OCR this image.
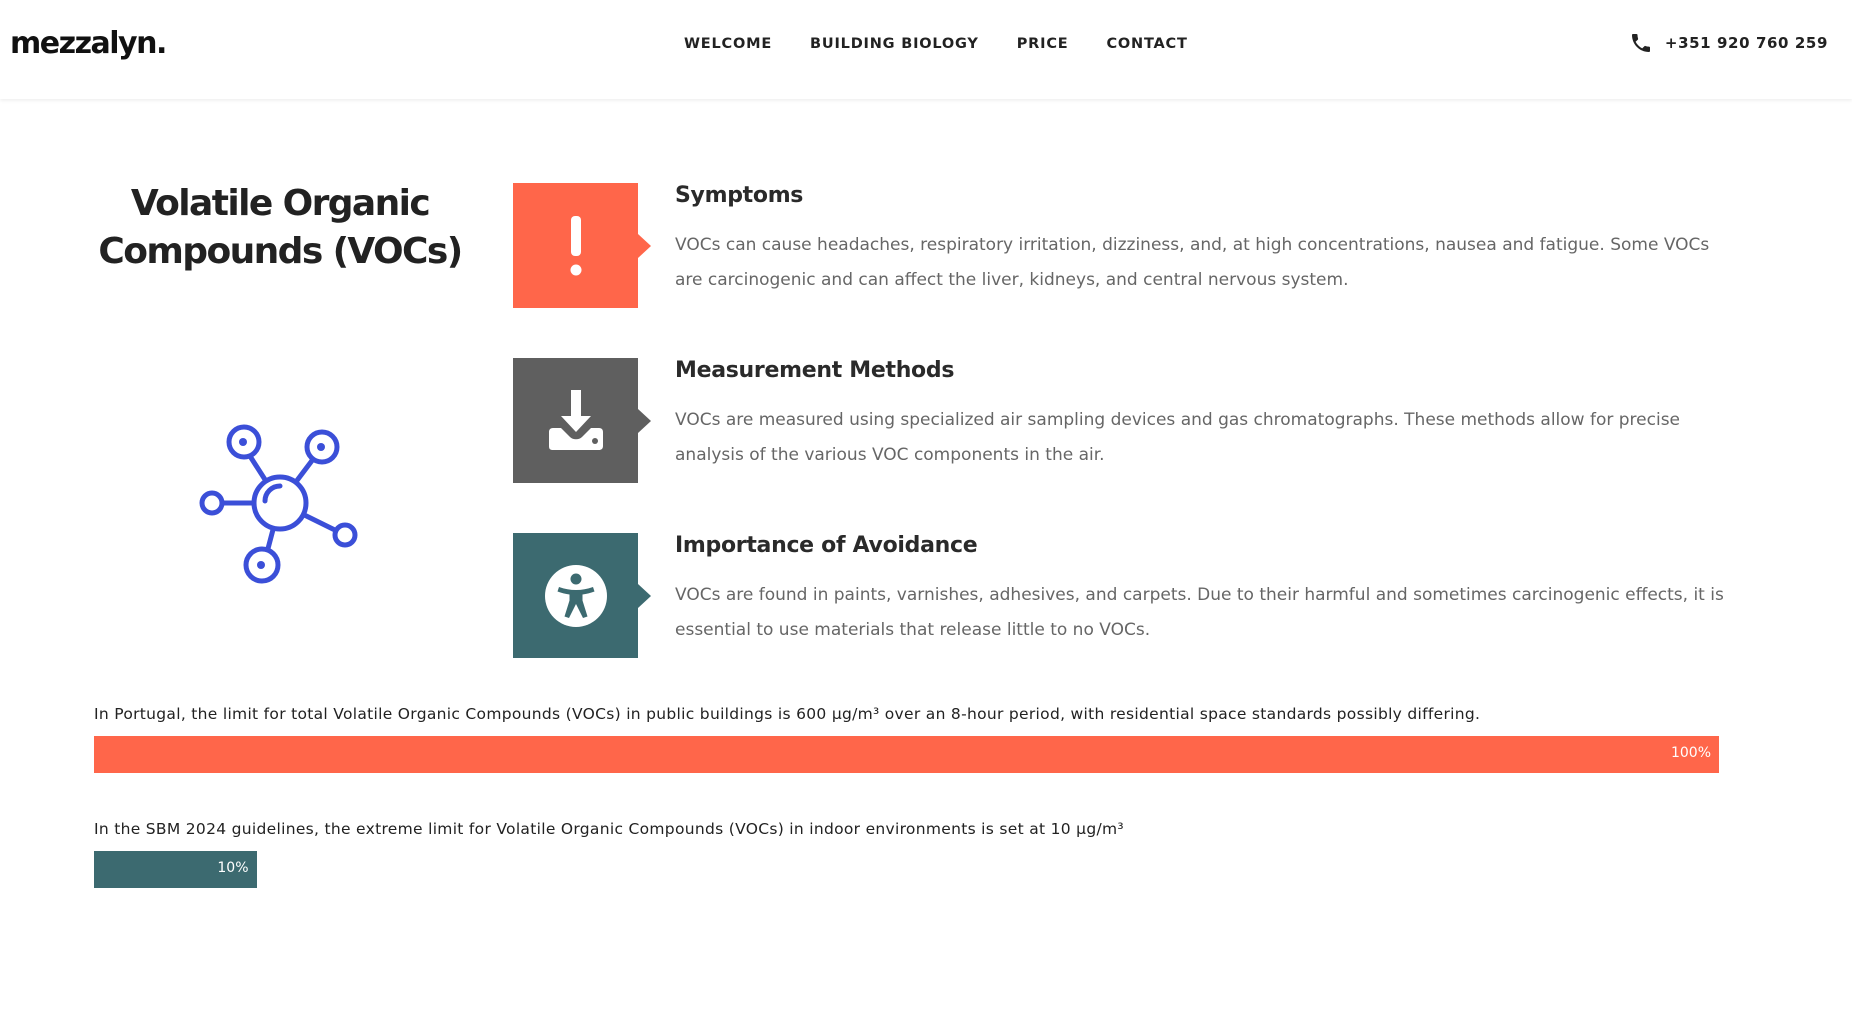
mezzalyn.	WELCOME	BUILDING BIOLOGY	PRICE	CONTACT	+351 920 760 259
Volatile Organic
Compounds (VOCs)
Symptoms

VOCs can cause headaches, respiratory irritation, dizziness, and, at high concentrations, nausea and fatigue. Some VOCs are carcinogenic and can affect the liver, kidneys, and central nervous system.

Measurement Methods

VOCs are measured using specialized air sampling devices and gas chromatographs. These methods allow for precise analysis of the various VOC components in the air.

Importance of Avoidance

VOCs are found in paints, varnishes, adhesives, and carpets. Due to their harmful and sometimes carcinogenic effects, it is essential to use materials that release little to no VOCs.

In Portugal, the limit for total Volatile Organic Compounds (VOCs) in public buildings is 600 µg/m³ over an 8-hour period, with residential space standards possibly differing.
100%
In the SBM 2024 guidelines, the extreme limit for Volatile Organic Compounds (VOCs) in indoor environments is set at 10 µg/m³
10%
